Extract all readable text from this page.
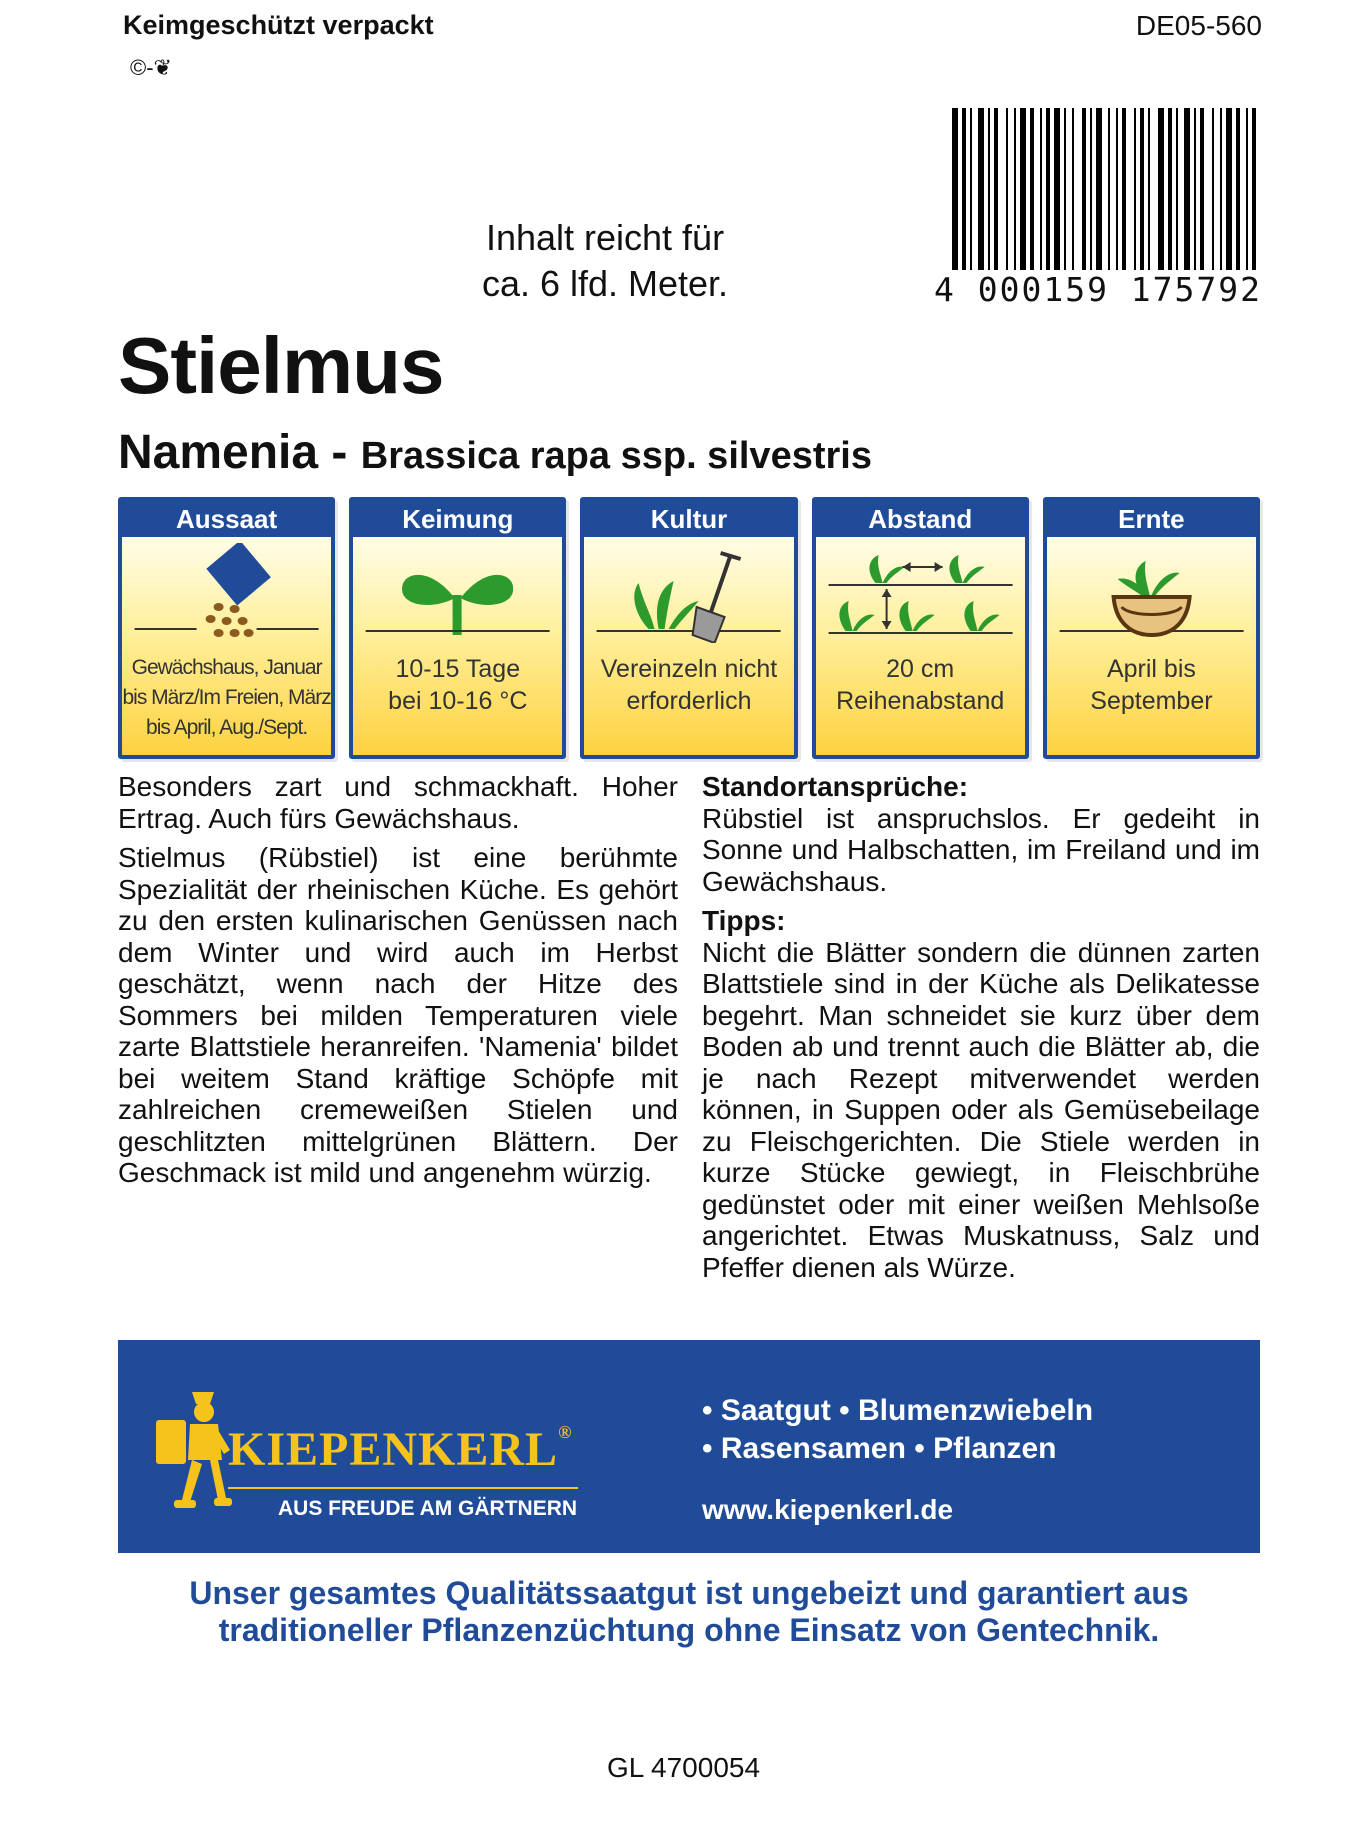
Keimgeschützt verpackt
©-❦
DE05-560
4 000159 175792
Inhalt reicht für
ca. 6 lfd. Meter.
Stielmus
Namenia - Brassica rapa ssp. silvestris
Aussaat
Gewächshaus, Januar
bis März/Im Freien, März
bis April, Aug./Sept.
Keimung
10-15 Tage
bei 10-16 °C
Kultur
Vereinzeln nicht
erforderlich
Abstand
20 cm
Reihenabstand
Ernte
April bis
September

Besonders zart und schmackhaft. Hoher Ertrag. Auch fürs Gewächshaus.

Stielmus (Rübstiel) ist eine berühmte Spezialität der rheinischen Küche. Es gehört zu den ersten kulinarischen Genüssen nach dem Winter und wird auch im Herbst geschätzt, wenn nach der Hitze des Sommers bei milden Temperaturen viele zarte Blattstiele heranreifen. 'Namenia' bildet bei weitem Stand kräftige Schöpfe mit zahlreichen cremeweißen Stielen und geschlitzten mittelgrünen Blättern. Der Geschmack ist mild und angenehm würzig.

Standortansprüche:

Rübstiel ist anspruchslos. Er gedeiht in Sonne und Halbschatten, im Freiland und im Gewächshaus.

Tipps:

Nicht die Blätter sondern die dünnen zarten Blattstiele sind in der Küche als Delikatesse begehrt. Man schneidet sie kurz über dem Boden ab und trennt auch die Blätter ab, die je nach Rezept mitverwendet werden können, in Suppen oder als Gemüsebeilage zu Fleischgerichten. Die Stiele werden in kurze Stücke gewiegt, in Fleischbrühe gedünstet oder mit einer weißen Mehlsoße angerichtet. Etwas Muskatnuss, Salz und Pfeffer dienen als Würze.

KIEPENKERL®
AUS FREUDE AM GÄRTNERN
• Saatgut • Blumenzwiebeln
• Rasensamen • Pflanzen
www.kiepenkerl.de
Unser gesamtes Qualitätssaatgut ist ungebeizt und garantiert aus
traditioneller Pflanzenzüchtung ohne Einsatz von Gentechnik.
GL 4700054
